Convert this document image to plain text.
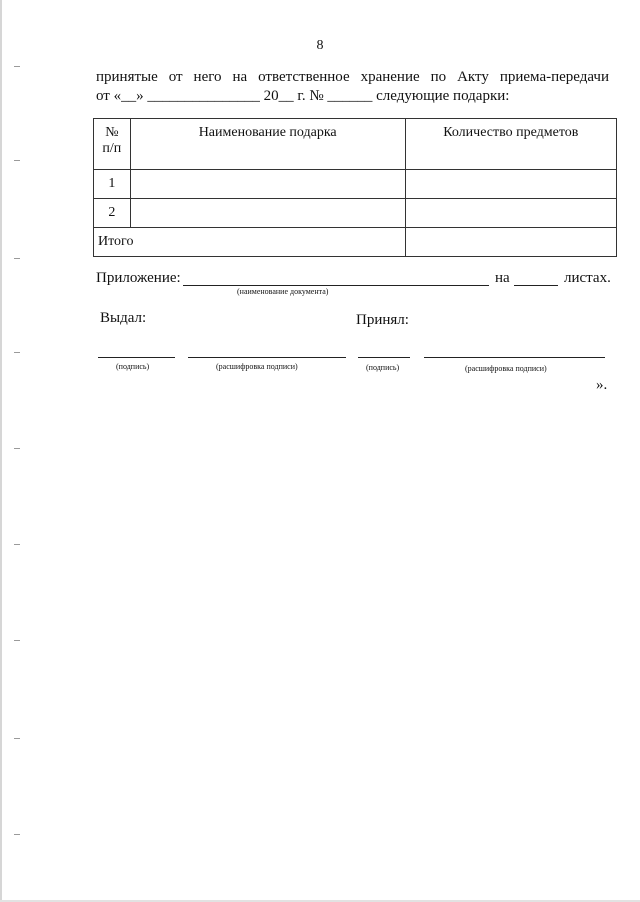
8
принятые от него на ответственное хранение по Акту приема-передачи
от «__» _______________ 20__ г. № ______ следующие подарки:
№
п/п	Наименование подарка	Количество предметов
1		
2		
Итого		
Приложение:	на	листах.
(наименование документа)
Выдал:	Принял:
(подпись)	(расшифровка подписи)	(подпись)	(расшифровка подписи)
».
